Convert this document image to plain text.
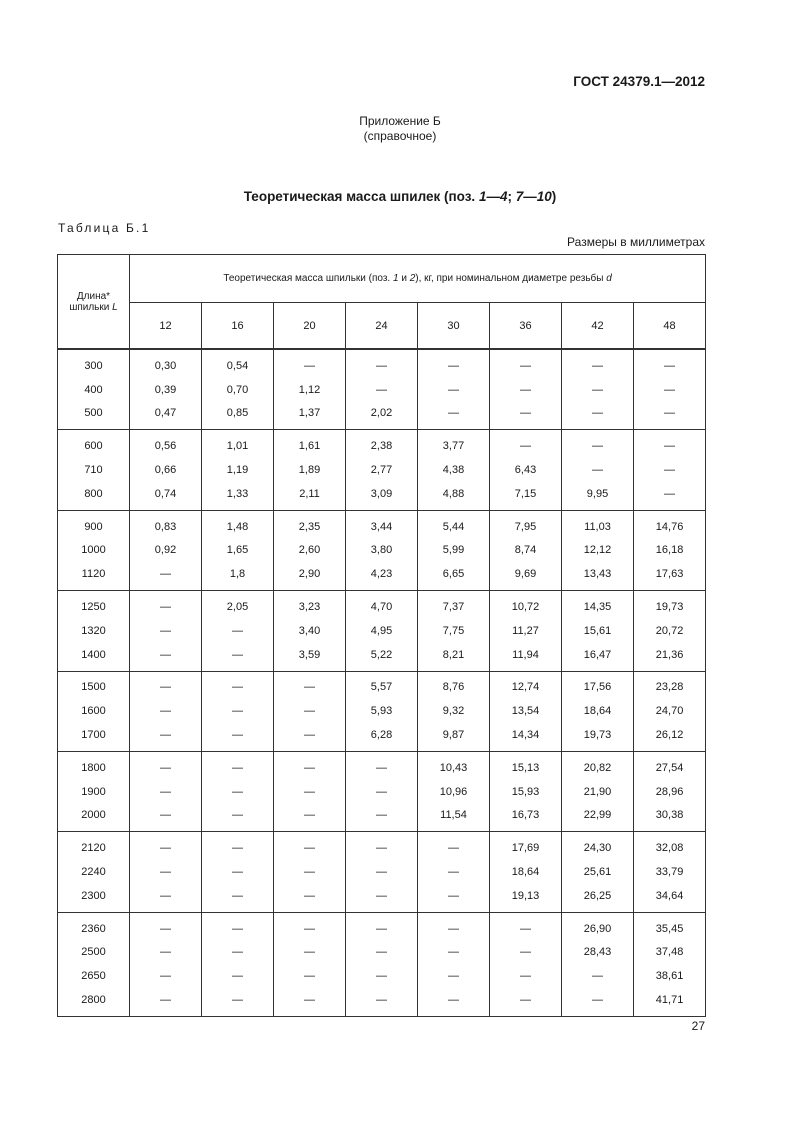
ГОСТ 24379.1—2012
Приложение Б
(справочное)
Теоретическая масса шпилек (поз. 1—4; 7—10)
Таблица Б.1
Размеры в миллиметрах
Длина*
шпильки L	Теоретическая масса шпильки (поз. 1 и 2), кг, при номинальном диаметре резьбы d							
	12	16	20	24	30	36	42	48
300	0,30	0,54	—	—	—	—	—	—
400	0,39	0,70	1,12	—	—	—	—	—
500	0,47	0,85	1,37	2,02	—	—	—	—
600	0,56	1,01	1,61	2,38	3,77	—	—	—
710	0,66	1,19	1,89	2,77	4,38	6,43	—	—
800	0,74	1,33	2,11	3,09	4,88	7,15	9,95	—
900	0,83	1,48	2,35	3,44	5,44	7,95	11,03	14,76
1000	0,92	1,65	2,60	3,80	5,99	8,74	12,12	16,18
1120	—	1,8	2,90	4,23	6,65	9,69	13,43	17,63
1250	—	2,05	3,23	4,70	7,37	10,72	14,35	19,73
1320	—	—	3,40	4,95	7,75	11,27	15,61	20,72
1400	—	—	3,59	5,22	8,21	11,94	16,47	21,36
1500	—	—	—	5,57	8,76	12,74	17,56	23,28
1600	—	—	—	5,93	9,32	13,54	18,64	24,70
1700	—	—	—	6,28	9,87	14,34	19,73	26,12
1800	—	—	—	—	10,43	15,13	20,82	27,54
1900	—	—	—	—	10,96	15,93	21,90	28,96
2000	—	—	—	—	11,54	16,73	22,99	30,38
2120	—	—	—	—	—	17,69	24,30	32,08
2240	—	—	—	—	—	18,64	25,61	33,79
2300	—	—	—	—	—	19,13	26,25	34,64
2360	—	—	—	—	—	—	26,90	35,45
2500	—	—	—	—	—	—	28,43	37,48
2650	—	—	—	—	—	—	—	38,61
2800	—	—	—	—	—	—	—	41,71
27
